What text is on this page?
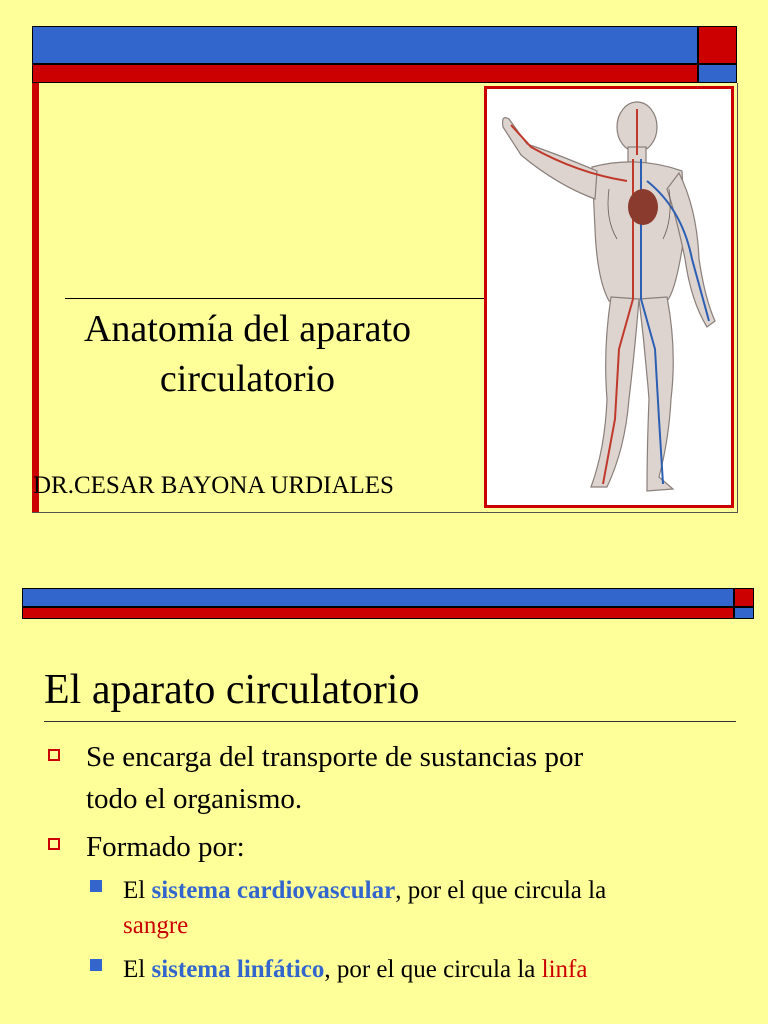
Anatomía del aparato
circulatorio
DR.CESAR BAYONA URDIALES
El aparato circulatorio
Se encarga del transporte de sustancias por
todo el organismo.
Formado por:
El sistema cardiovascular, por el que circula la
sangre
El sistema linfático, por el que circula la linfa
